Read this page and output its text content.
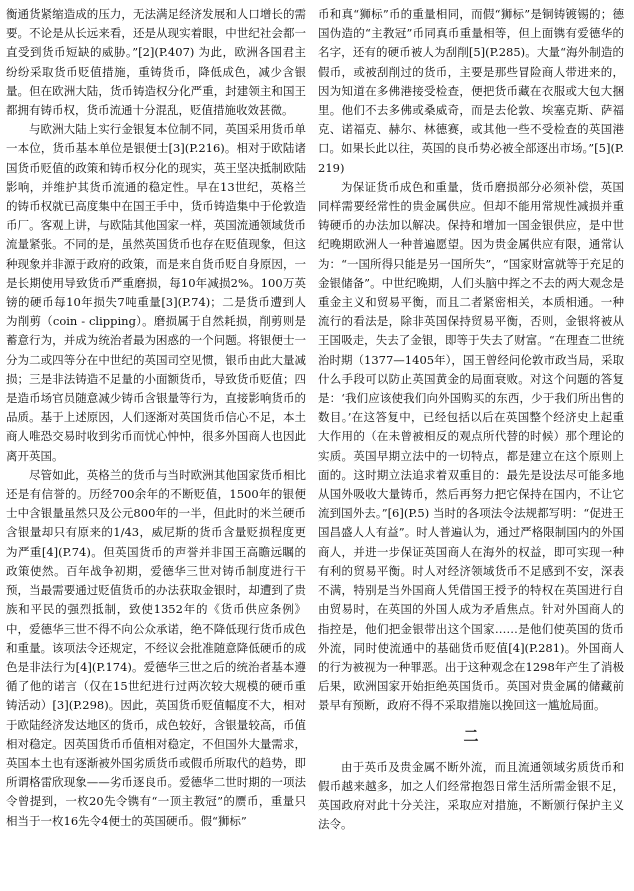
衡通货紧缩造成的压力，无法满足经济发展和人口增长的需要。不论是从长远来看，还是从现实着眼，中世纪社会都一直受到货币短缺的威胁。”[2](P.407) 为此，欧洲各国君主纷纷采取货币贬值措施，重铸货币，降低成色，减少含银量。但在欧洲大陆，货币铸造权分化严重，封建领主和国王都拥有铸币权，货币流通十分混乱，贬值措施收效甚微。

与欧洲大陆上实行金银复本位制不同，英国采用货币单一本位，货币基本单位是银便士[3](P.216)。相对于欧陆诸国货币贬值的政策和铸币权分化的现实，英王坚决抵制欧陆影响，并维护其货币流通的稳定性。早在13世纪，英格兰的铸币权就已高度集中在国王手中，货币铸造集中于伦敦造币厂。客观上讲，与欧陆其他国家一样，英国流通领域货币流量紧张。不同的是，虽然英国货币也存在贬值现象，但这种现象并非源于政府的政策，而是来自货币贬自身原因，一是长期使用导致货币严重磨损，每10年减损2%。100万英镑的硬币每10年损失7吨重量[3](P.74)；二是货币遭到人为削剪（coin - clipping）。磨损属于自然耗损，削剪则是蓄意行为，并成为统治者最为困惑的一个问题。将银便士一分为二或四等分在中世纪的英国司空见惯，银币由此大量减损；三是非法铸造不足量的小面额货币，导致货币贬值；四是造币场官员随意减少铸币含银量等行为，直接影响货币的品质。基于上述原因，人们逐渐对英国货币信心不足，本土商人唯恐交易时收到劣币而忧心忡忡，很多外国商人也因此离开英国。

尽管如此，英格兰的货币与当时欧洲其他国家货币相比还是有信誉的。历经700余年的不断贬值，1500年的银便士中含银量虽然只及公元800年的一半，但此时的米兰硬币含银量却只有原来的1/43，威尼斯的货币含量贬损程度更为严重[4](P.74)。但英国货币的声誉并非国王高瞻远瞩的政策使然。百年战争初期，爱德华三世对铸币制度进行干预，当最需要通过贬值货币的办法获取金银时，却遭到了贵族和平民的强烈抵制，致使1352年的《货币供应条例》中，爱德华三世不得不向公众承诺，绝不降低现行货币成色和重量。该项法令还规定，不经议会批准随意降低硬币的成色是非法行为[4](P.174)。爱德华三世之后的统治者基本遵循了他的诺言（仅在15世纪进行过两次较大规模的硬币重铸活动）[3](P.298)。因此，英国货币贬值幅度不大，相对于欧陆经济发达地区的货币，成色较好，含银量较高，币值相对稳定。因英国货币币值相对稳定，不但国外大量需求，英国本土也有逐渐被外国劣质货币或假币所取代的趋势，即所谓格雷欣现象——劣币逐良币。爱德华二世时期的一项法令曾提到，一枚20先令镌有“一顶主教冠”的赝币，重量只相当于一枚16先令4便士的英国硬币。假“狮标”

币和真“狮标”币的重量相同，而假“狮标”是铜铸镀锡的；德国伪造的“主教冠”币同真币重量相等，但上面镌有爱德华的名字，还有的硬币被人为刮削[5](P.285)。大量“海外制造的假币，或被刮削过的货币，主要是那些冒险商人带进来的，因为知道在多佛港接受检查，便把货币藏在衣服或大包大捆里。他们不去多佛或桑威奇，而是去伦敦、埃塞克斯、萨福克、诺福克、赫尔、林德赛，或其他一些不受检查的英国港口。如果长此以往，英国的良币势必被全部逐出市场。”[5](P.219)

为保证货币成色和重量，货币磨损部分必须补偿，英国同样需要经常性的贵金属供应。但却不能用常规性减损并重铸硬币的办法加以解决。保持和增加一国金银供应，是中世纪晚期欧洲人一种普遍愿望。因为贵金属供应有限，通常认为：“一国所得只能是另一国所失”，“国家财富就等于充足的金银储备”。中世纪晚期，人们头脑中挥之不去的两大观念是重金主义和贸易平衡，而且二者紧密相关，本质相通。一种流行的看法是，除非英国保持贸易平衡，否则，金银将被从王国吸走，失去了金银，即等于失去了财富。“在理查二世统治时期（1377—1405年），国王曾经问伦敦市政当局，采取什么手段可以防止英国黄金的局面衰败。对这个问题的答复是：‘我们应该使我们向外国购买的东西，少于我们所出售的数目。’在这答复中，已经包括以后在英国整个经济史上起重大作用的（在未曾被相反的观点所代替的时候）那个理论的实质。英国早期立法中的一切特点，都是建立在这个原则上面的。这时期立法追求着双重目的：最先是设法尽可能多地从国外吸收大量铸币，然后再努力把它保持在国内，不让它流到国外去。”[6](P.5) 当时的各项法令法规都写明：“促进王国昌盛人人有益”。时人普遍认为，通过严格限制国内的外国商人，并进一步保证英国商人在海外的权益，即可实现一种有利的贸易平衡。时人对经济领域货币不足感到不安，深表不满，特别是当外国商人凭借国王授予的特权在英国进行自由贸易时，在英国的外国人成为矛盾焦点。针对外国商人的指控是，他们把金银带出这个国家……是他们使英国的货币外流，同时使流通中的基础货币贬值[4](P.281)。外国商人的行为被视为一种罪恶。出于这种观念在1298年产生了消极后果，欧洲国家开始拒绝英国货币。英国对贵金属的储藏前景早有预断，政府不得不采取措施以挽回这一尴尬局面。

二

由于英币及贵金属不断外流，而且流通领域劣质货币和假币越来越多，加之人们经常抱怨日常生活所需金银不足，英国政府对此十分关注，采取应对措施，不断颁行保护主义法令。
